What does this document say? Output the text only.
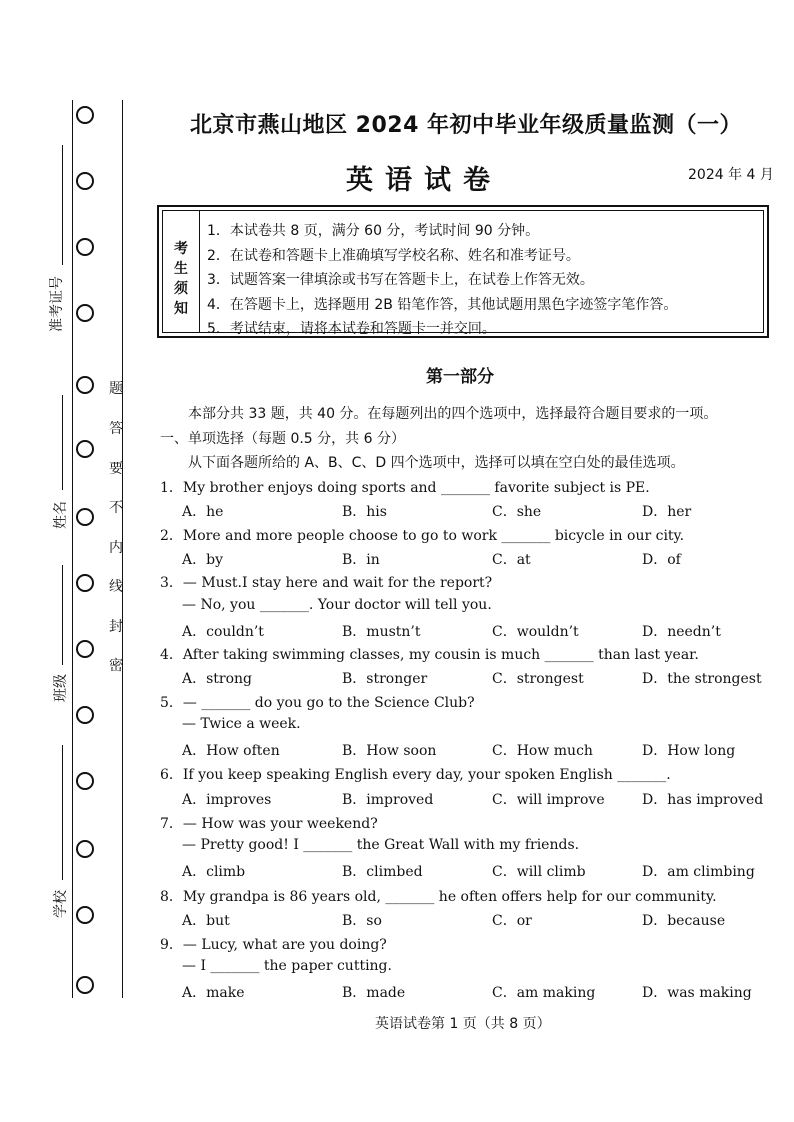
准考证号
姓名
班级
学校
题
答
要
不
内
线
封
密
北京市燕山地区 2024 年初中毕业年级质量监测（一）
英语试卷	2024 年 4 月
考
生
须
知
1．本试卷共 8 页，满分 60 分，考试时间 90 分钟。
2．在试卷和答题卡上准确填写学校名称、姓名和准考证号。
3．试题答案一律填涂或书写在答题卡上，在试卷上作答无效。
4．在答题卡上，选择题用 2B 铅笔作答，其他试题用黑色字迹签字笔作答。
5．考试结束，请将本试卷和答题卡一并交回。
第一部分
本部分共 33 题，共 40 分。在每题列出的四个选项中，选择最符合题目要求的一项。
一、单项选择（每题 0.5 分，共 6 分）
从下面各题所给的 A、B、C、D 四个选项中，选择可以填在空白处的最佳选项。
1．My brother enjoys doing sports and _______ favorite subject is PE.
A．he	B．his	C．she	D．her
2．More and more people choose to go to work _______ bicycle in our city.
A．by	B．in	C．at	D．of
3．— Must.I stay here and wait for the report?
— No, you _______. Your doctor will tell you.
A．couldn’t	B．mustn’t	C．wouldn’t	D．needn’t
4．After taking swimming classes, my cousin is much _______ than last year.
A．strong	B．stronger	C．strongest	D．the strongest
5．— _______ do you go to the Science Club?
— Twice a week.
A．How often	B．How soon	C．How much	D．How long
6．If you keep speaking English every day, your spoken English _______.
A．improves	B．improved	C．will improve	D．has improved
7．— How was your weekend?
— Pretty good! I _______ the Great Wall with my friends.
A．climb	B．climbed	C．will climb	D．am climbing
8．My grandpa is 86 years old, _______ he often offers help for our community.
A．but	B．so	C．or	D．because
9．— Lucy, what are you doing?
— I _______ the paper cutting.
A．make	B．made	C．am making	D．was making
英语试卷第 1 页（共 8 页）
